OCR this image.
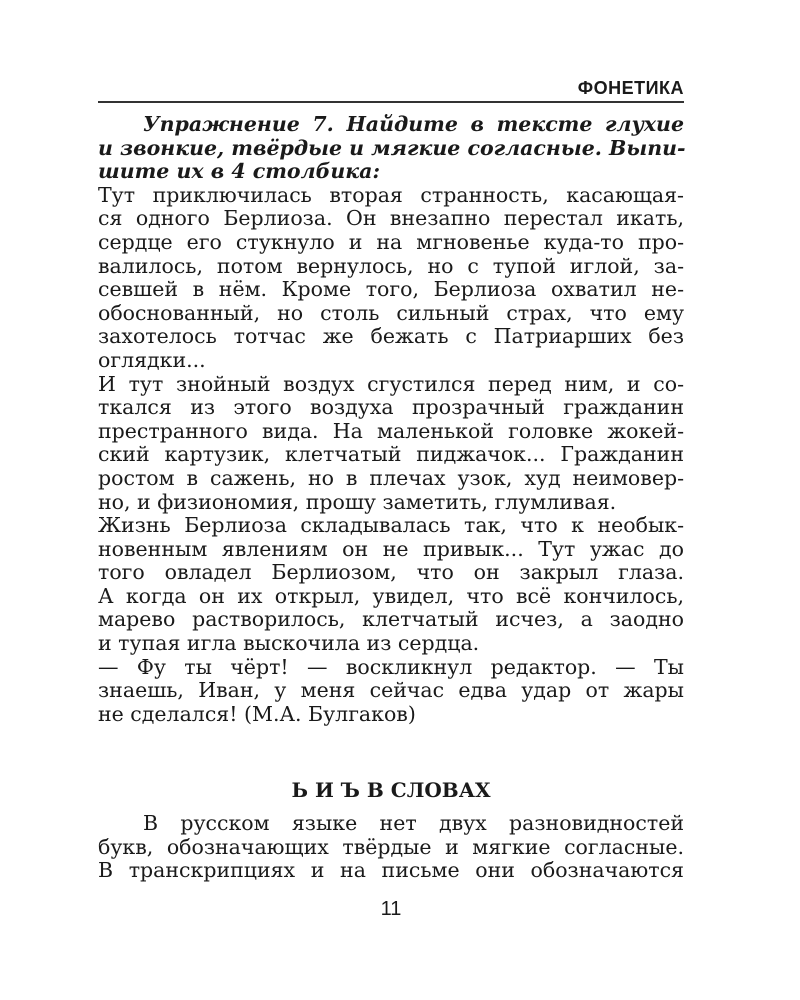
ФОНЕТИКА
Упражнение 7. Найдите в тексте глухие
и звонкие, твёрдые и мягкие согласные. Выпи-
шите их в 4 столбика:
Тут приключилась вторая странность, касающая-
ся одного Берлиоза. Он внезапно перестал икать,
сердце его стукнуло и на мгновенье куда-то про-
валилось, потом вернулось, но с тупой иглой, за-
севшей в нём. Кроме того, Берлиоза охватил не-
обоснованный, но столь сильный страх, что ему
захотелось тотчас же бежать с Патриарших без
оглядки...
И тут знойный воздух сгустился перед ним, и со-
ткался из этого воздуха прозрачный гражданин
престранного вида. На маленькой головке жокей-
ский картузик, клетчатый пиджачок... Гражданин
ростом в сажень, но в плечах узок, худ неимовер-
но, и физиономия, прошу заметить, глумливая.
Жизнь Берлиоза складывалась так, что к необык-
новенным явлениям он не привык... Тут ужас до
того овладел Берлиозом, что он закрыл глаза.
А когда он их открыл, увидел, что всё кончилось,
марево растворилось, клетчатый исчез, а заодно
и тупая игла выскочила из сердца.
— Фу ты чёрт! — воскликнул редактор. — Ты
знаешь, Иван, у меня сейчас едва удар от жары
не сделался! (М.А. Булгаков)
Ь И Ъ В СЛОВАХ
В русском языке нет двух разновидностей
букв, обозначающих твёрдые и мягкие согласные.
В транскрипциях и на письме они обозначаются
11
